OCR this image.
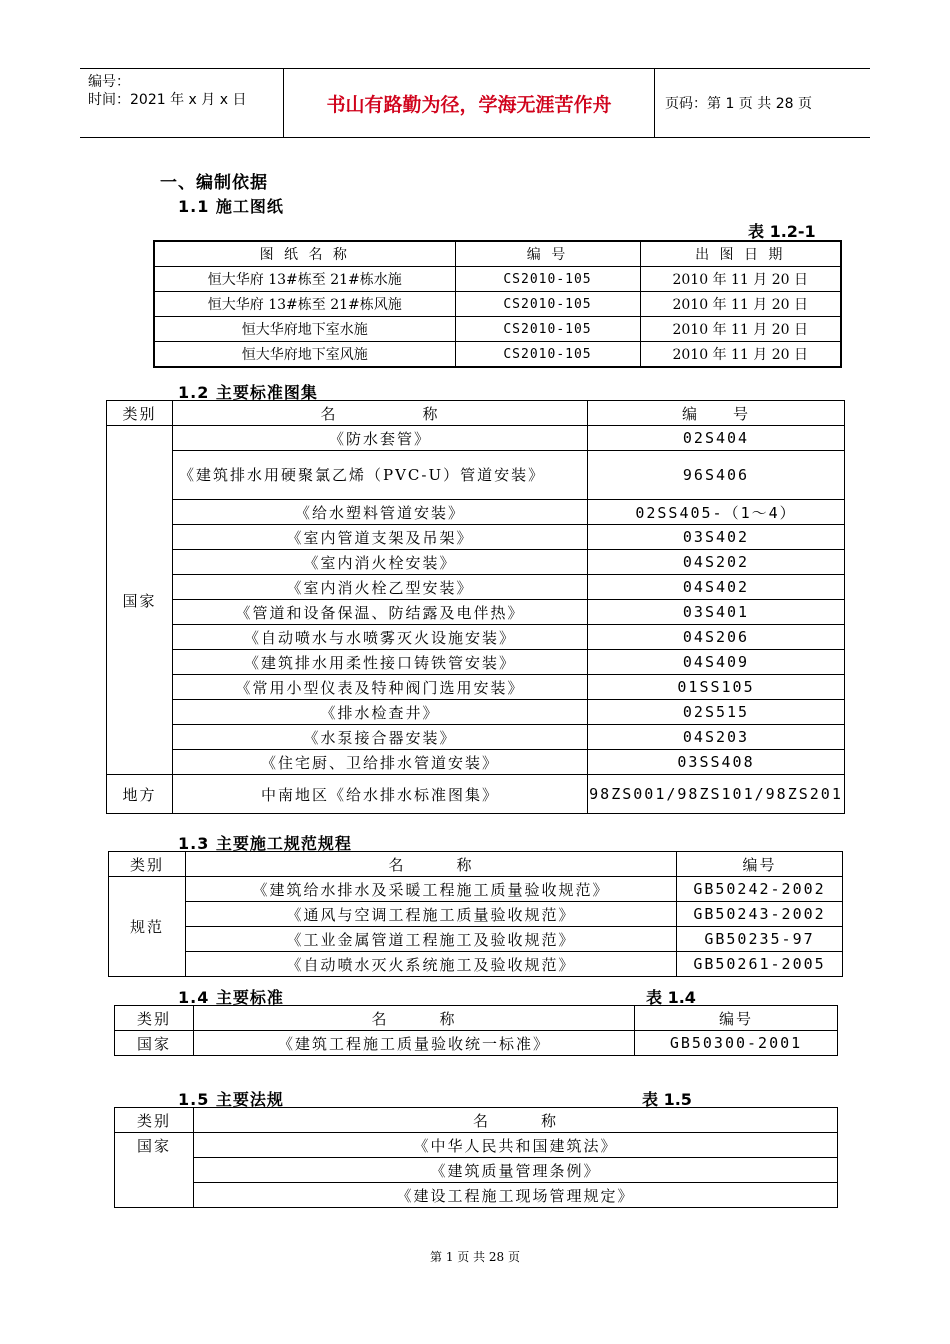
编号：
时间：2021 年 x 月 x 日	书山有路勤为径，学海无涯苦作舟	页码：第 1 页 共 28 页
一、编制依据
1.1 施工图纸
表 1.2-1
图 纸 名 称	编 号	出 图 日 期
恒大华府 13#栋至 21#栋水施	CS2010-105	2010 年 11 月 20 日
恒大华府 13#栋至 21#栋风施	CS2010-105	2010 年 11 月 20 日
恒大华府地下室水施	CS2010-105	2010 年 11 月 20 日
恒大华府地下室风施	CS2010-105	2010 年 11 月 20 日
1.2 主要标准图集
类别	名　　　　　称	编　　号
国家	《防水套管》	02S404
	《建筑排水用硬聚氯乙烯（PVC-U）管道安装》	96S406
	《给水塑料管道安装》	02SS405-（1～4）
	《室内管道支架及吊架》	03S402
	《室内消火栓安装》	04S202
	《室内消火栓乙型安装》	04S402
	《管道和设备保温、防结露及电伴热》	03S401
	《自动喷水与水喷雾灭火设施安装》	04S206
	《建筑排水用柔性接口铸铁管安装》	04S409
	《常用小型仪表及特种阀门选用安装》	01SS105
	《排水检查井》	02S515
	《水泵接合器安装》	04S203
	《住宅厨、卫给排水管道安装》	03SS408
地方	中南地区《给水排水标准图集》	98ZS001/98ZS101/98ZS201
1.3 主要施工规范规程
类别	名　　　称	编号
规范	《建筑给水排水及采暖工程施工质量验收规范》	GB50242-2002
	《通风与空调工程施工质量验收规范》	GB50243-2002
	《工业金属管道工程施工及验收规范》	GB50235-97
	《自动喷水灭火系统施工及验收规范》	GB50261-2005
1.4 主要标准	表 1.4
类别	名　　　称	编号
国家	《建筑工程施工质量验收统一标准》	GB50300-2001
1.5 主要法规	表 1.5
类别	名　　　称
国家	《中华人民共和国建筑法》
	《建筑质量管理条例》
	《建设工程施工现场管理规定》
第 1 页 共 28 页
